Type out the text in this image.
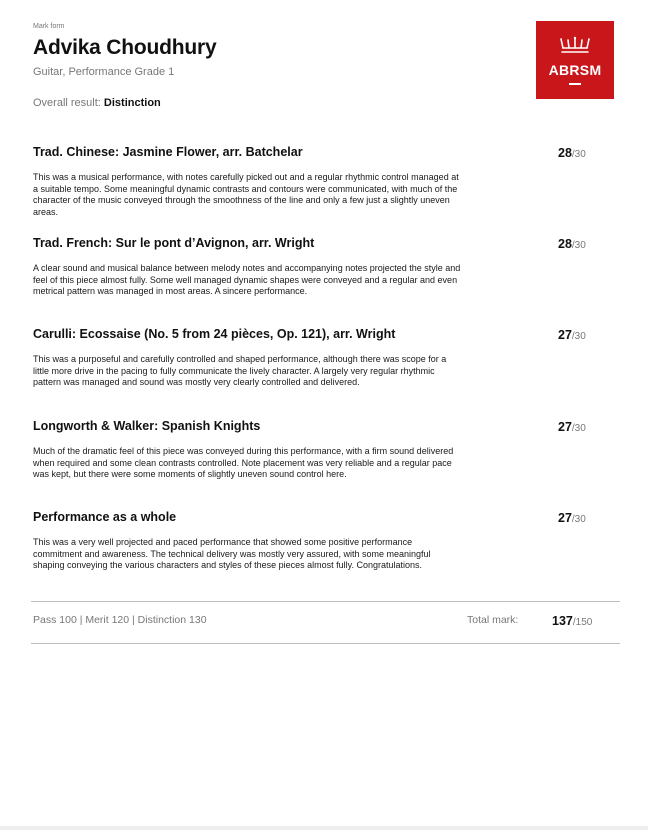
Mark form
Advika Choudhury
Guitar, Performance Grade 1
Overall result: Distinction
ABRSM
Trad. Chinese: Jasmine Flower, arr. Batchelar	28/30
This was a musical performance, with notes carefully picked out and a regular rhythmic control managed at a suitable tempo. Some meaningful dynamic contrasts and contours were communicated, with much of the character of the music conveyed through the smoothness of the line and only a few just a slightly uneven areas.
Trad. French: Sur le pont d’Avignon, arr. Wright	28/30
A clear sound and musical balance between melody notes and accompanying notes projected the style and feel of this piece almost fully. Some well managed dynamic shapes were conveyed and a regular and even metrical pattern was managed in most areas. A sincere performance.
Carulli: Ecossaise (No. 5 from 24 pièces, Op. 121), arr. Wright	27/30
This was a purposeful and carefully controlled and shaped performance, although there was scope for a little more drive in the pacing to fully communicate the lively character. A largely very regular rhythmic pattern was managed and sound was mostly very clearly controlled and delivered.
Longworth & Walker: Spanish Knights	27/30
Much of the dramatic feel of this piece was conveyed during this performance, with a firm sound delivered when required and some clean contrasts controlled. Note placement was very reliable and a regular pace was kept, but there were some moments of slightly uneven sound control here.
Performance as a whole	27/30
This was a very well projected and paced performance that showed some positive performance commitment and awareness. The technical delivery was mostly very assured, with some meaningful shaping conveying the various characters and styles of these pieces almost fully. Congratulations.
Pass 100 | Merit 120 | Distinction 130	Total mark:	137/150
